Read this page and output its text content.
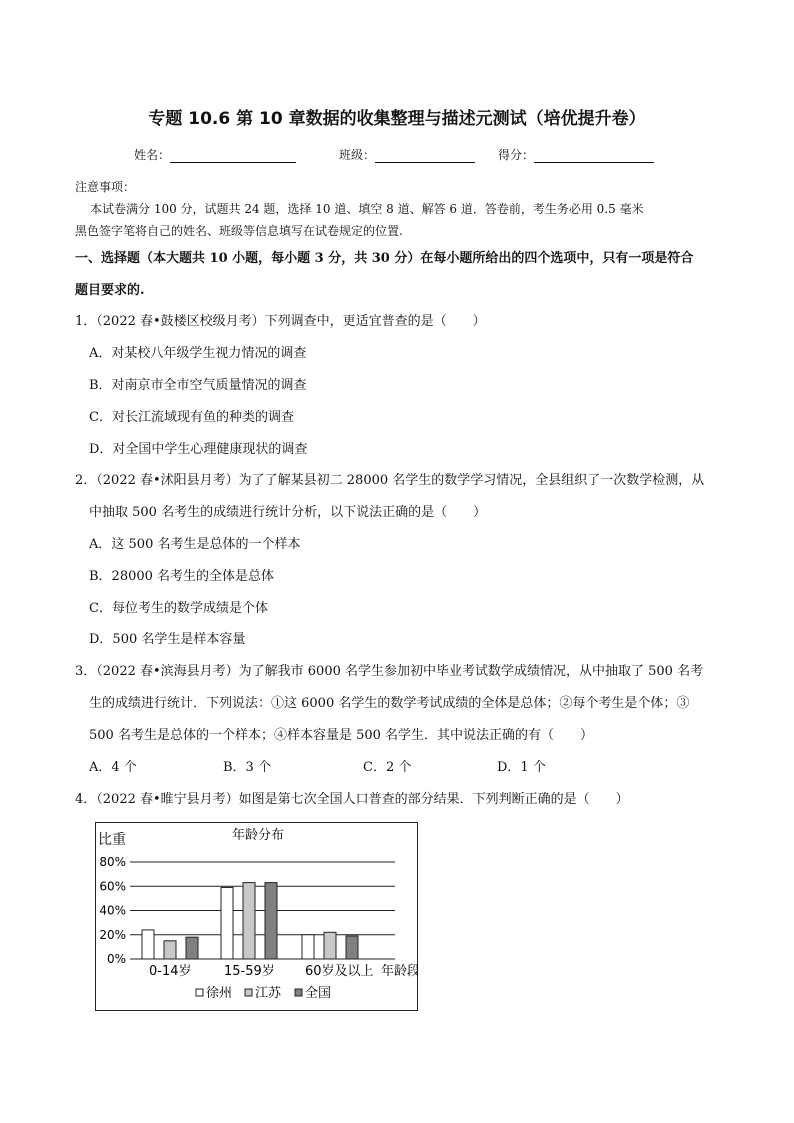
专题 10.6 第 10 章数据的收集整理与描述元测试（培优提升卷）
姓名：	班级：	得分：
注意事项：
本试卷满分 100 分，试题共 24 题，选择 10 道、填空 8 道、解答 6 道．答卷前，考生务必用 0.5 毫米
黑色签字笔将自己的姓名、班级等信息填写在试卷规定的位置.
一、选择题（本大题共 10 小题，每小题 3 分，共 30 分）在每小题所给出的四个选项中，只有一项是符合
题目要求的.
1．（2022 春•鼓楼区校级月考）下列调查中，更适宜普查的是（　　）
A．对某校八年级学生视力情况的调查
B．对南京市全市空气质量情况的调查
C．对长江流域现有鱼的种类的调查
D．对全国中学生心理健康现状的调查
2．（2022 春•沭阳县月考）为了了解某县初二 28000 名学生的数学学习情况，全县组织了一次数学检测，从
中抽取 500 名考生的成绩进行统计分析，以下说法正确的是（　　）
A．这 500 名考生是总体的一个样本
B．28000 名考生的全体是总体
C．每位考生的数学成绩是个体
D．500 名学生是样本容量
3．（2022 春•滨海县月考）为了解我市 6000 名学生参加初中毕业考试数学成绩情况，从中抽取了 500 名考
生的成绩进行统计．下列说法：①这 6000 名学生的数学考试成绩的全体是总体；②每个考生是个体；③
500 名考生是总体的一个样本；④样本容量是 500 名学生．其中说法正确的有（　　）
A．4 个	B．3 个	C．2 个	D．1 个
4．（2022 春•睢宁县月考）如图是第七次全国人口普查的部分结果．下列判断正确的是（　　）
年龄分布
比重
0%
20%
40%
60%
80%
0-14岁 15-59岁 60岁及以上 年龄段
徐州 江苏 全国
